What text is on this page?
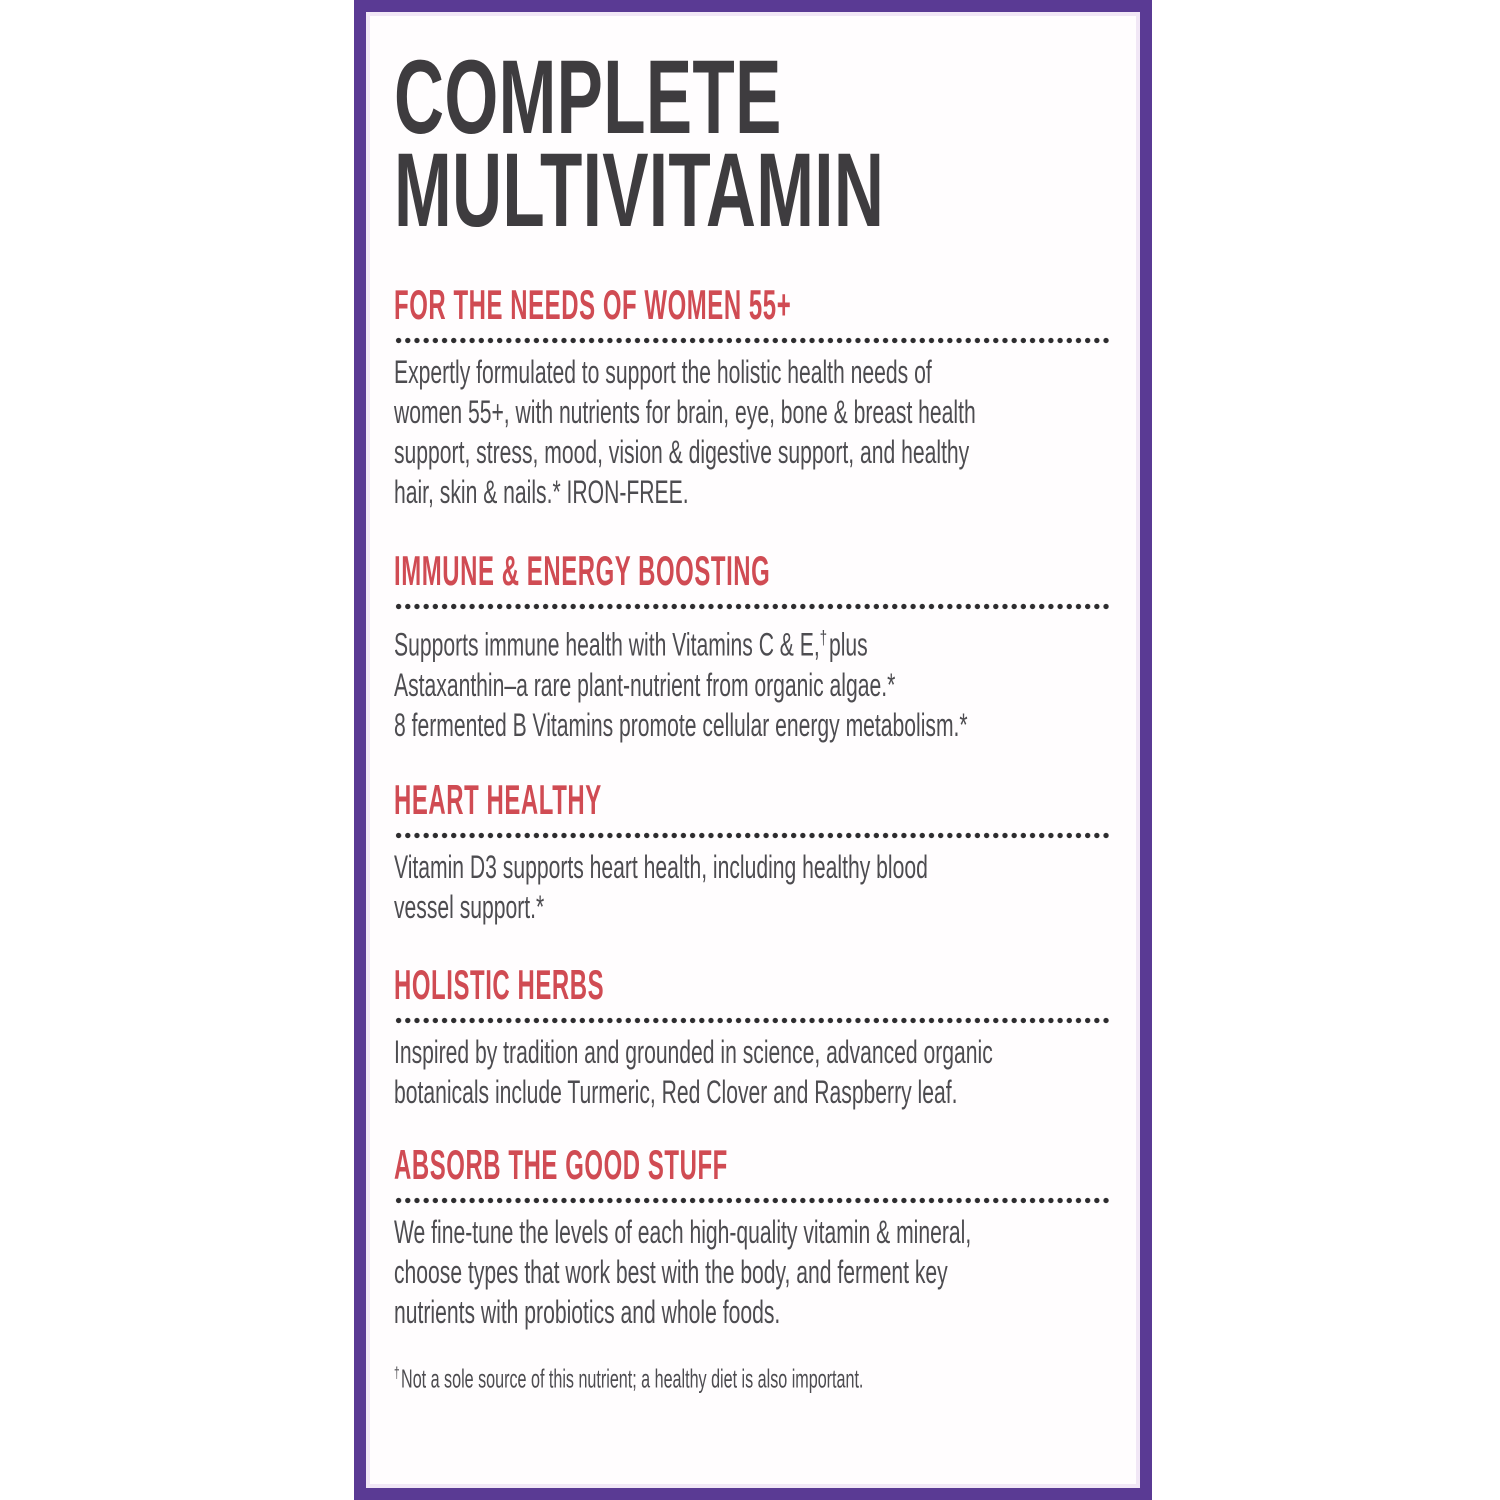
COMPLETE
MULTIVITAMIN
FOR THE NEEDS OF WOMEN 55+
Expertly formulated to support the holistic health needs of
women 55+, with nutrients for brain, eye, bone & breast health
support, stress, mood, vision & digestive support, and healthy
hair, skin & nails.* IRON-FREE.
IMMUNE & ENERGY BOOSTING
Supports immune health with Vitamins C & E,†plus
Astaxanthin–a rare plant-nutrient from organic algae.*
8 fermented B Vitamins promote cellular energy metabolism.*
HEART HEALTHY
Vitamin D3 supports heart health, including healthy blood
vessel support.*
HOLISTIC HERBS
Inspired by tradition and grounded in science, advanced organic
botanicals include Turmeric, Red Clover and Raspberry leaf.
ABSORB THE GOOD STUFF
We fine-tune the levels of each high-quality vitamin & mineral,
choose types that work best with the body, and ferment key
nutrients with probiotics and whole foods.
†Not a sole source of this nutrient; a healthy diet is also important.
